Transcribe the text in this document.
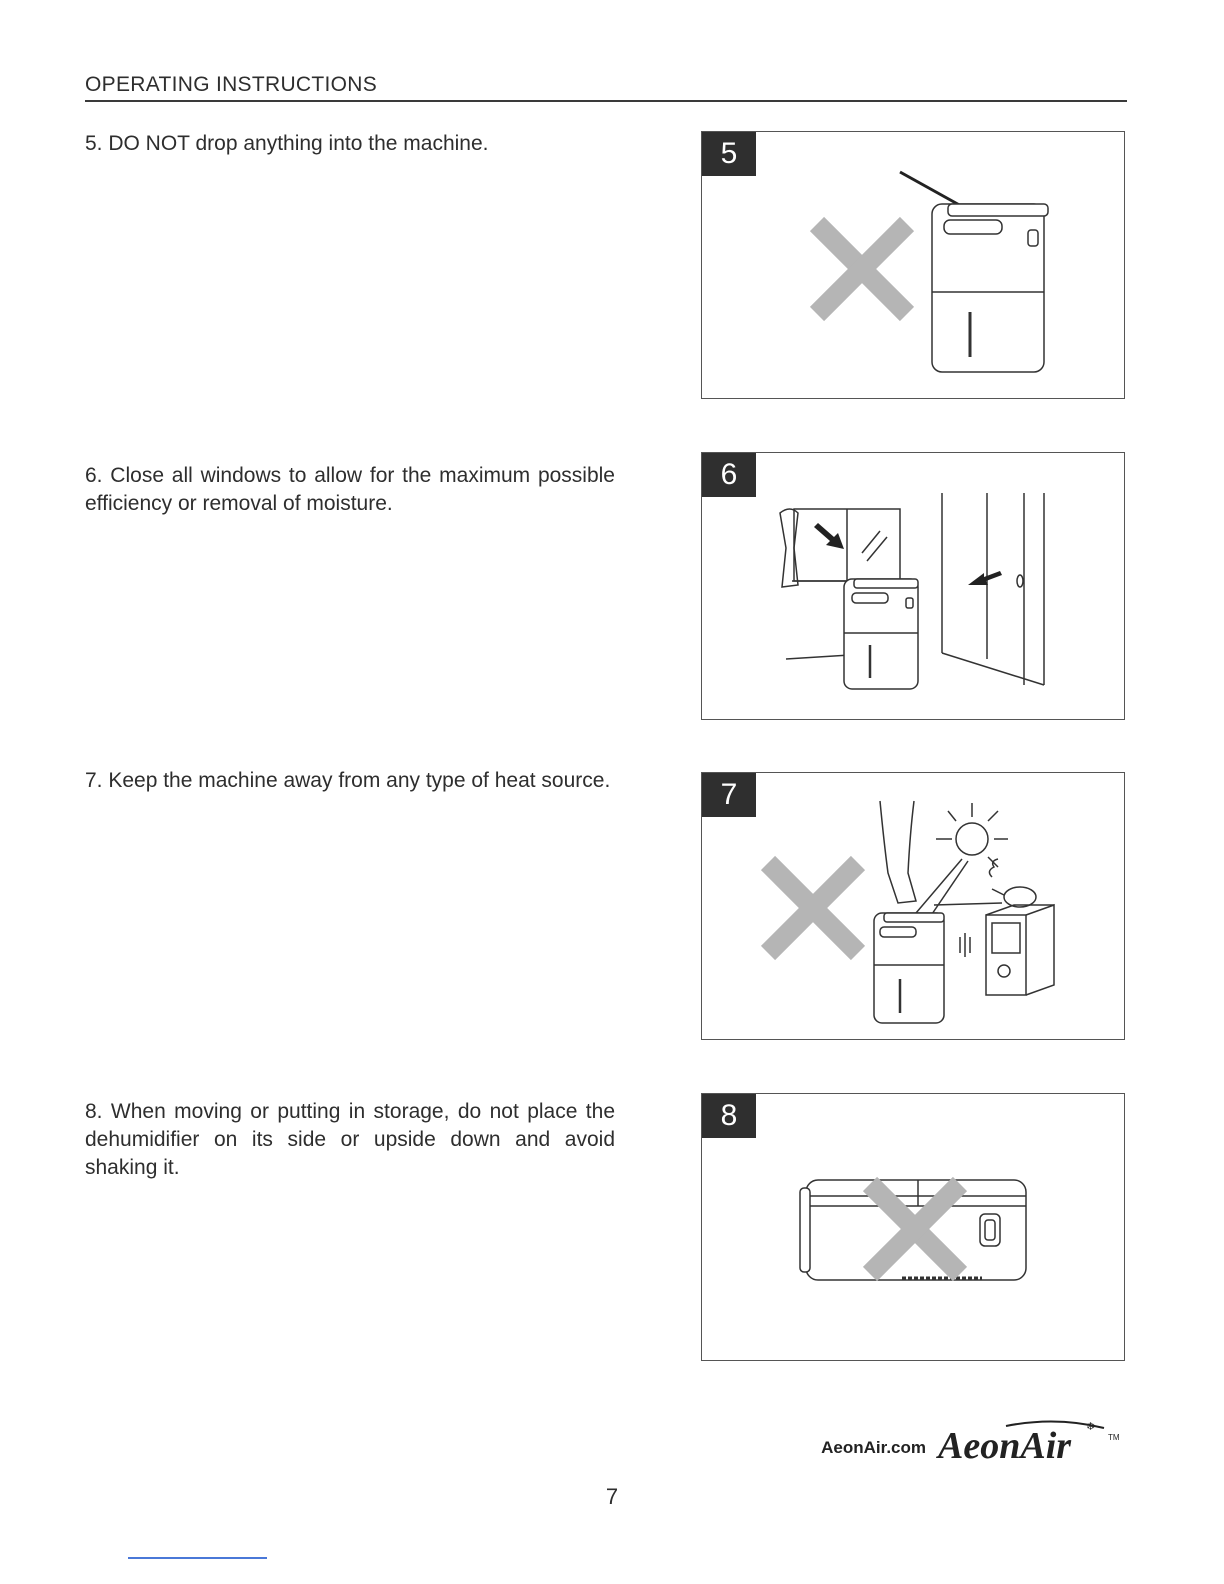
OPERATING INSTRUCTIONS
5. DO NOT drop anything into the machine.	5
6. Close all windows to allow for the maximum possible efficiency or removal of moisture.
6
7. Keep the machine away from any type of heat source.	7
8. When moving or putting in storage, do not place the dehumidifier on its side or upside down and avoid shaking it.
8
AeonAir.com AeonAir	TM
❄
7
